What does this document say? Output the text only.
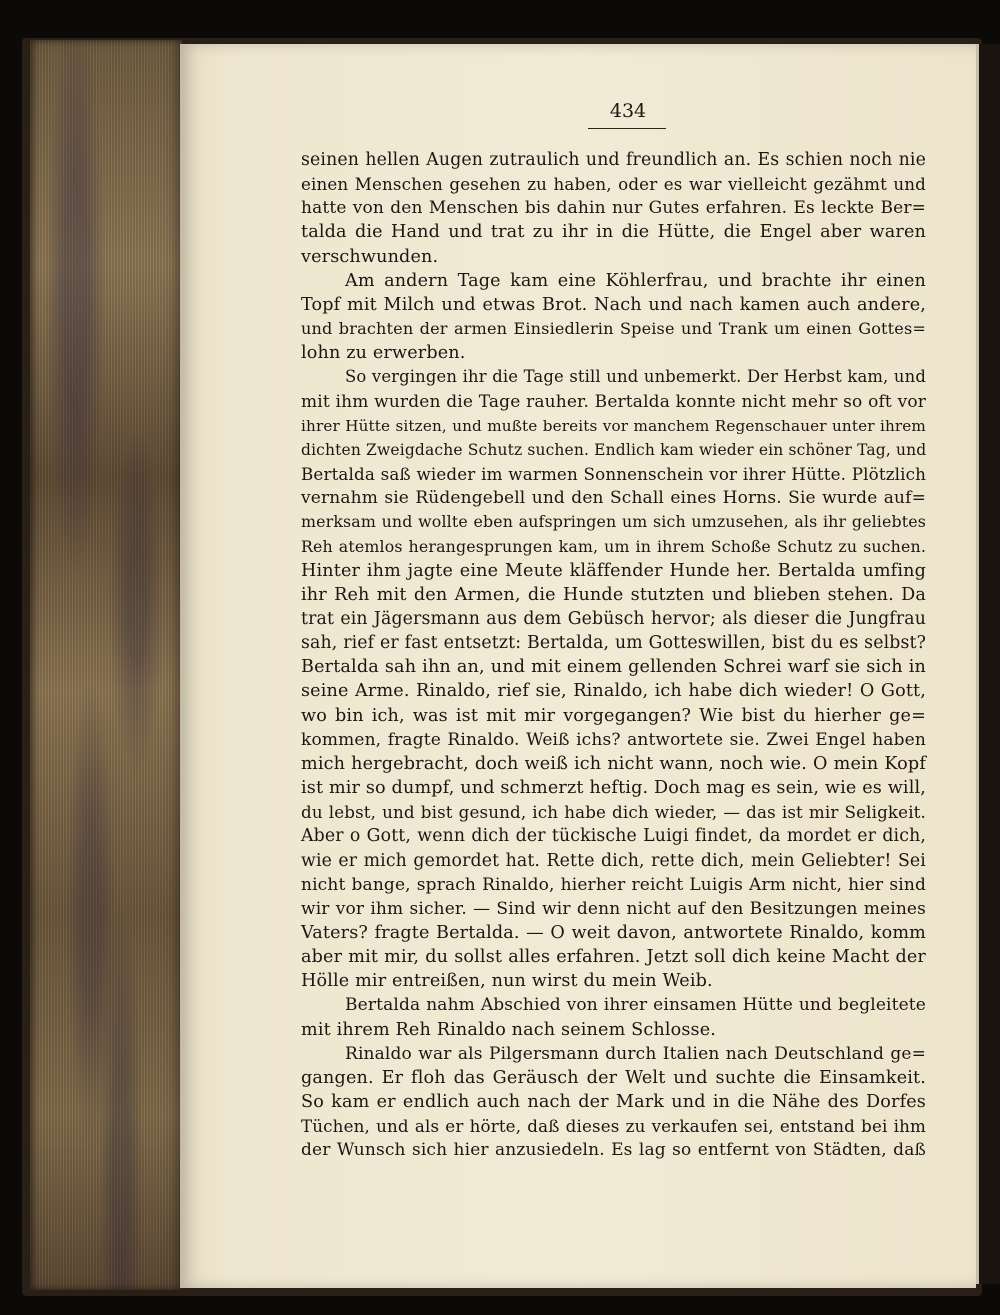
434
seinen hellen Augen zutraulich und freundlich an. Es schien noch nie
einen Menschen gesehen zu haben, oder es war vielleicht gezähmt und
hatte von den Menschen bis dahin nur Gutes erfahren. Es leckte Ber=
talda die Hand und trat zu ihr in die Hütte, die Engel aber waren
verschwunden.
Am andern Tage kam eine Köhlerfrau, und brachte ihr einen
Topf mit Milch und etwas Brot. Nach und nach kamen auch andere,
und brachten der armen Einsiedlerin Speise und Trank um einen Gottes=
lohn zu erwerben.
So vergingen ihr die Tage still und unbemerkt. Der Herbst kam, und
mit ihm wurden die Tage rauher. Bertalda konnte nicht mehr so oft vor
ihrer Hütte sitzen, und mußte bereits vor manchem Regenschauer unter ihrem
dichten Zweigdache Schutz suchen. Endlich kam wieder ein schöner Tag, und
Bertalda saß wieder im warmen Sonnenschein vor ihrer Hütte. Plötzlich
vernahm sie Rüdengebell und den Schall eines Horns. Sie wurde auf=
merksam und wollte eben aufspringen um sich umzusehen, als ihr geliebtes
Reh atemlos herangesprungen kam, um in ihrem Schoße Schutz zu suchen.
Hinter ihm jagte eine Meute kläffender Hunde her. Bertalda umfing
ihr Reh mit den Armen, die Hunde stutzten und blieben stehen. Da
trat ein Jägersmann aus dem Gebüsch hervor; als dieser die Jungfrau
sah, rief er fast entsetzt: Bertalda, um Gotteswillen, bist du es selbst?
Bertalda sah ihn an, und mit einem gellenden Schrei warf sie sich in
seine Arme. Rinaldo, rief sie, Rinaldo, ich habe dich wieder! O Gott,
wo bin ich, was ist mit mir vorgegangen? Wie bist du hierher ge=
kommen, fragte Rinaldo. Weiß ichs? antwortete sie. Zwei Engel haben
mich hergebracht, doch weiß ich nicht wann, noch wie. O mein Kopf
ist mir so dumpf, und schmerzt heftig. Doch mag es sein, wie es will,
du lebst, und bist gesund, ich habe dich wieder, — das ist mir Seligkeit.
Aber o Gott, wenn dich der tückische Luigi findet, da mordet er dich,
wie er mich gemordet hat. Rette dich, rette dich, mein Geliebter! Sei
nicht bange, sprach Rinaldo, hierher reicht Luigis Arm nicht, hier sind
wir vor ihm sicher. — Sind wir denn nicht auf den Besitzungen meines
Vaters? fragte Bertalda. — O weit davon, antwortete Rinaldo, komm
aber mit mir, du sollst alles erfahren. Jetzt soll dich keine Macht der
Hölle mir entreißen, nun wirst du mein Weib.
Bertalda nahm Abschied von ihrer einsamen Hütte und begleitete
mit ihrem Reh Rinaldo nach seinem Schlosse.
Rinaldo war als Pilgersmann durch Italien nach Deutschland ge=
gangen. Er floh das Geräusch der Welt und suchte die Einsamkeit.
So kam er endlich auch nach der Mark und in die Nähe des Dorfes
Tüchen, und als er hörte, daß dieses zu verkaufen sei, entstand bei ihm
der Wunsch sich hier anzusiedeln. Es lag so entfernt von Städten, daß
